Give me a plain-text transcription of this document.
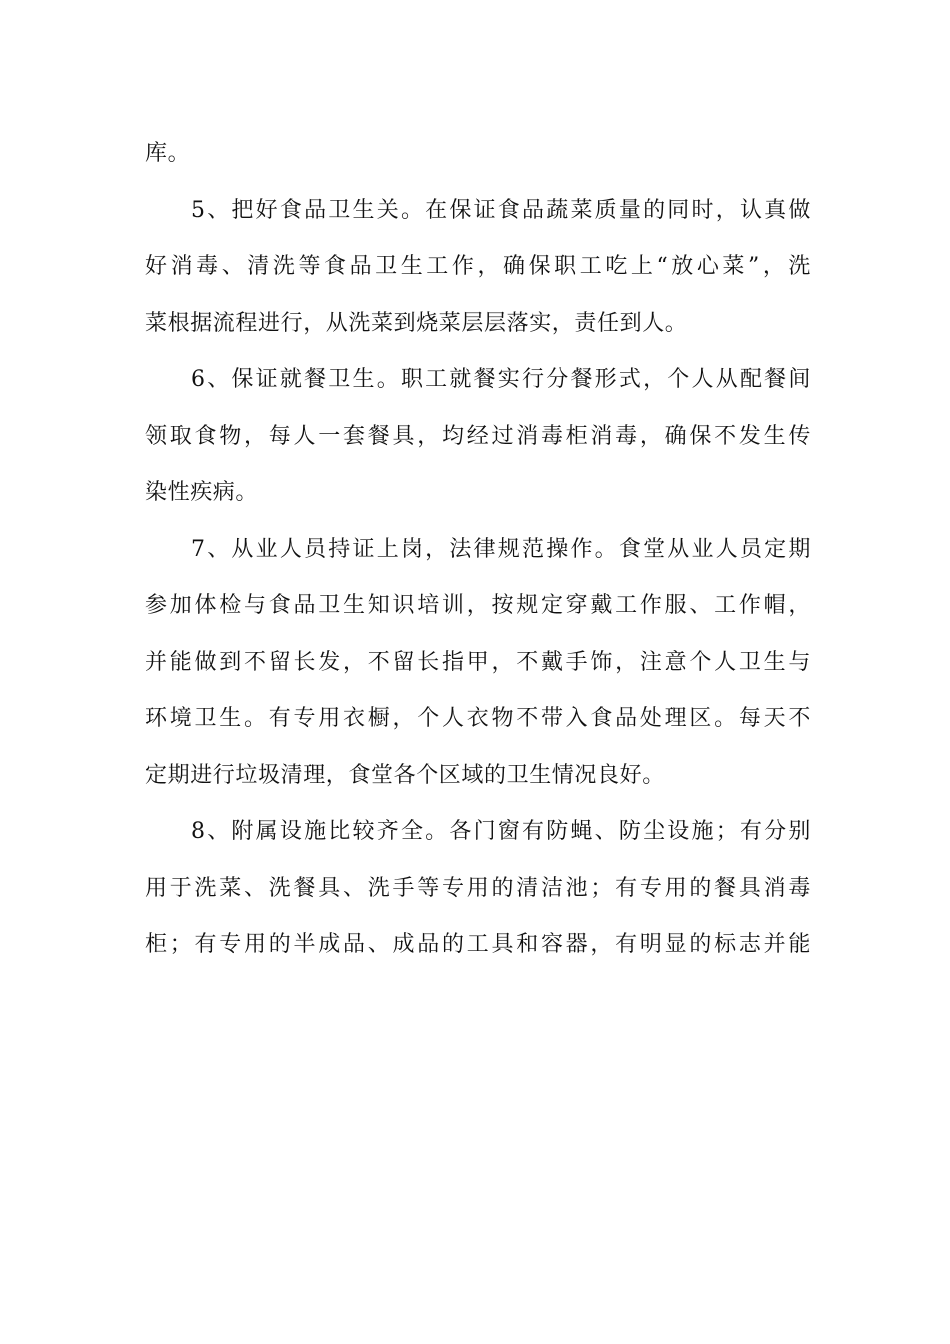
库。
5、把好食品卫生关。在保证食品蔬菜质量的同时，认真做
好消毒、清洗等食品卫生工作，确保职工吃上“放心菜”，洗
菜根据流程进行，从洗菜到烧菜层层落实，责任到人。
6、保证就餐卫生。职工就餐实行分餐形式，个人从配餐间
领取食物，每人一套餐具，均经过消毒柜消毒，确保不发生传
染性疾病。
7、从业人员持证上岗，法律规范操作。食堂从业人员定期
参加体检与食品卫生知识培训，按规定穿戴工作服、工作帽，
并能做到不留长发，不留长指甲，不戴手饰，注意个人卫生与
环境卫生。有专用衣橱，个人衣物不带入食品处理区。每天不
定期进行垃圾清理，食堂各个区域的卫生情况良好。
8、附属设施比较齐全。各门窗有防蝇、防尘设施；有分别
用于洗菜、洗餐具、洗手等专用的清洁池；有专用的餐具消毒
柜；有专用的半成品、成品的工具和容器，有明显的标志并能
